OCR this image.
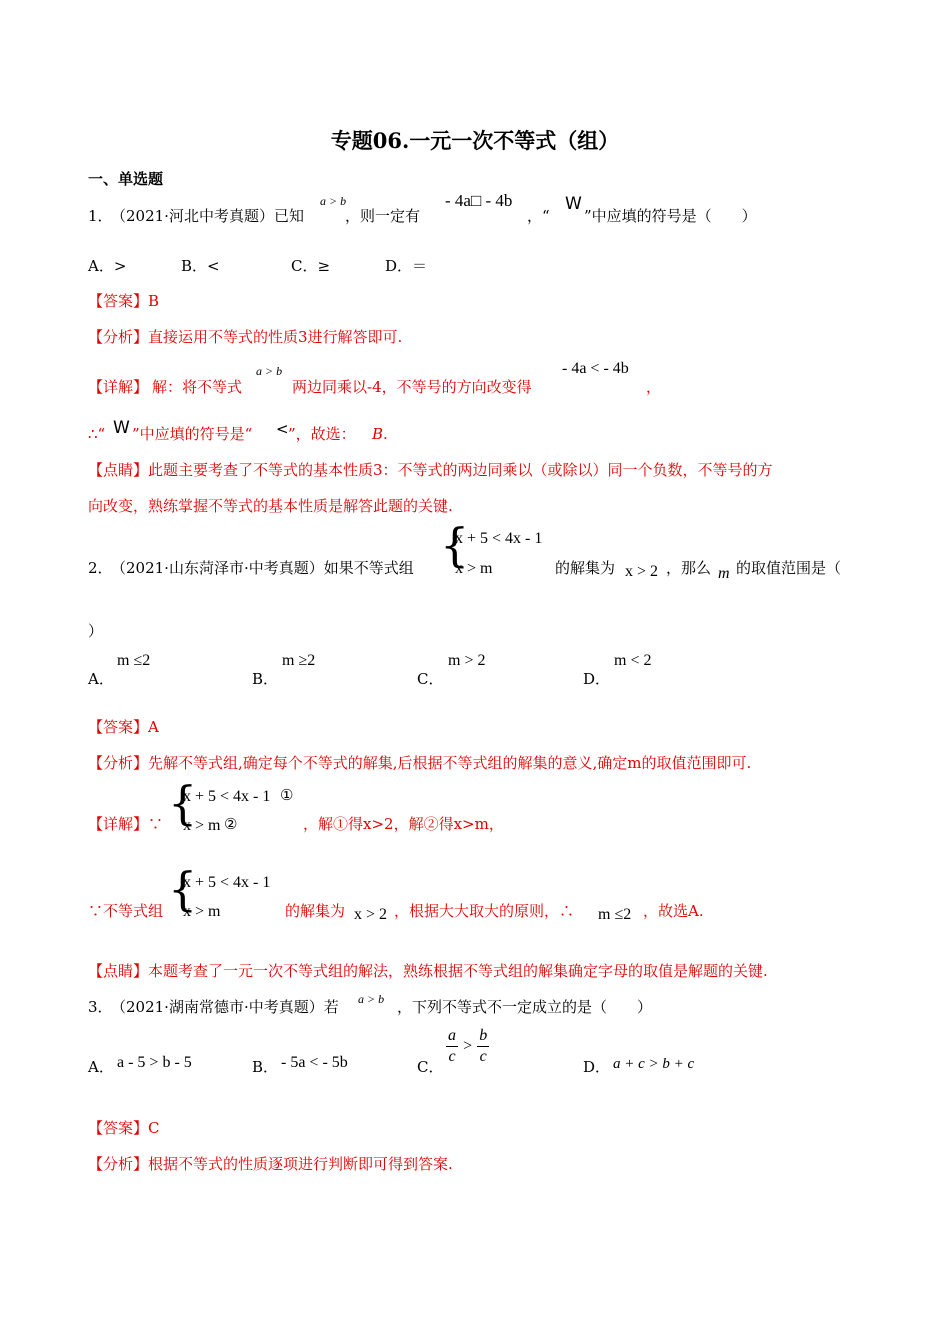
专题06.一元一次不等式（组）
一、单选题
1．
（2021·河北中考真题）已知
a > b
，则一定有
- 4a□ - 4b
，“
W
”中应填的符号是（　　）
A．>	B．<	C．≥	D．＝
【答案】B
【分析】直接运用不等式的性质3进行解答即可.
【详解】 解：将不等式
a > b
两边同乘以-4，不等号的方向改变得
- 4a < - 4b
，
∴“ W ”中应填的符号是“ < ”，故选： B.
【点睛】此题主要考查了不等式的基本性质3：不等式的两边同乘以（或除以）同一个负数，不等号的方
向改变，熟练掌握不等式的基本性质是解答此题的关键.
2．
（2021·山东菏泽市·中考真题）如果不等式组 {
x + 5 < 4x - 1
x > m	的解集为 x > 2 ，那么 m 的取值范围是（
）
A．
m ≤2
B．
m ≥2
C．
m > 2
D．
m < 2
【答案】A
【分析】先解不等式组,确定每个不等式的解集,后根据不等式组的解集的意义,确定m的取值范围即可.
【详解】∵ {
x + 5 < 4x - 1 ①
x > m ②	，解①得x>2，解②得x>m，
∵不等式组 {
x + 5 < 4x - 1
x > m	的解集为 x > 2 ，根据大大取大的原则，∴ m ≤2 ，故选A.
【点睛】本题考查了一元一次不等式组的解法，熟练根据不等式组的解集确定字母的取值是解题的关键.
3．
（2021·湖南常德市·中考真题）若 a > b ，下列不等式不一定成立的是（　　）
A． a - 5 > b - 5	B． - 5a < - 5b	C． $\frac{a}{c} > \frac{b}{c}$	D． a + c > b + c
【答案】C
【分析】根据不等式的性质逐项进行判断即可得到答案.
